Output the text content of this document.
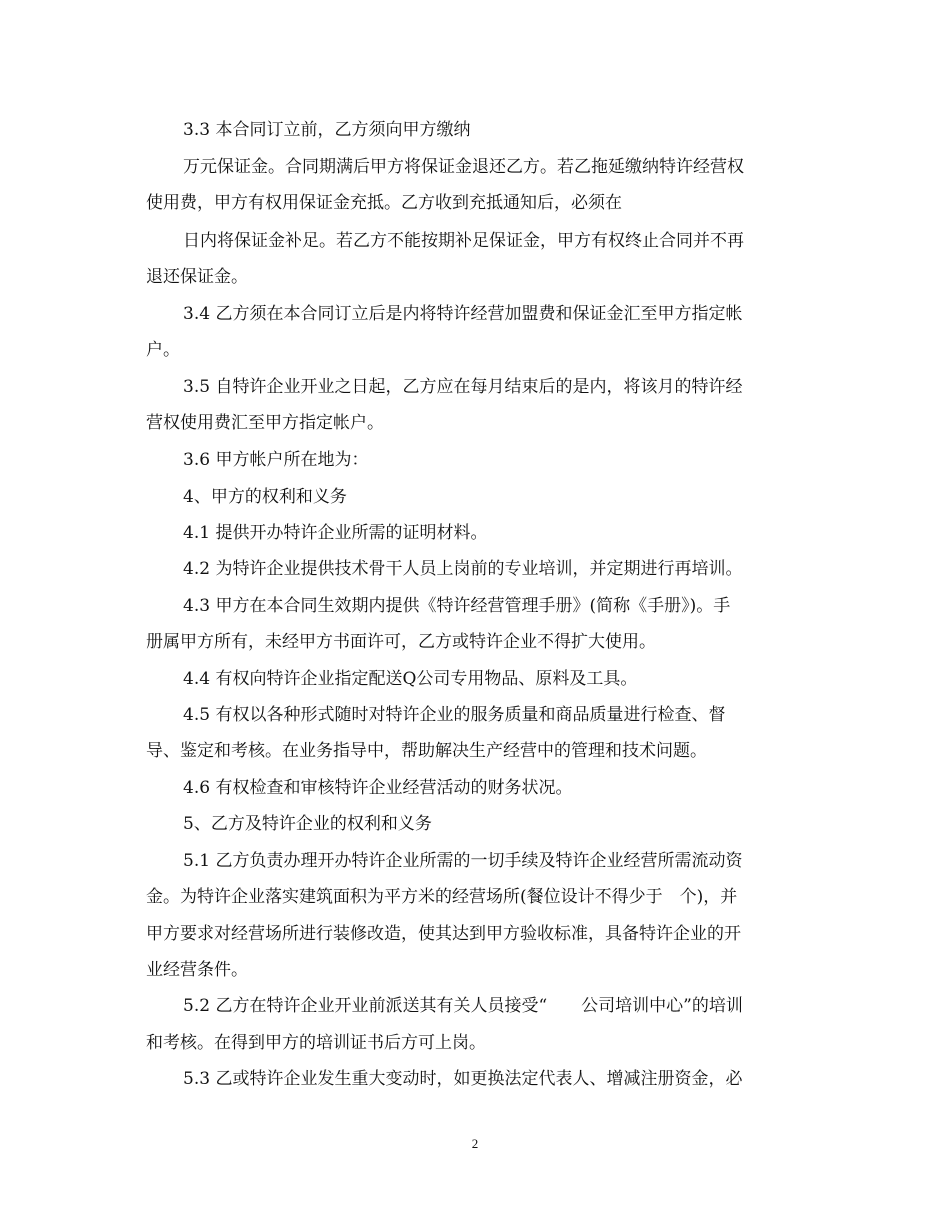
3.3 本合同订立前，乙方须向甲方缴纳
万元保证金。合同期满后甲方将保证金退还乙方。若乙拖延缴纳特许经营权
使用费，甲方有权用保证金充抵。乙方收到充抵通知后，必须在
日内将保证金补足。若乙方不能按期补足保证金，甲方有权终止合同并不再
退还保证金。
3.4 乙方须在本合同订立后是内将特许经营加盟费和保证金汇至甲方指定帐
户。
3.5 自特许企业开业之日起，乙方应在每月结束后的是内，将该月的特许经
营权使用费汇至甲方指定帐户。
3.6 甲方帐户所在地为：
4、甲方的权利和义务
4.1 提供开办特许企业所需的证明材料。
4.2 为特许企业提供技术骨干人员上岗前的专业培训，并定期进行再培训。
4.3 甲方在本合同生效期内提供《特许经营管理手册》(简称《手册》)。手
册属甲方所有，未经甲方书面许可，乙方或特许企业不得扩大使用。
4.4 有权向特许企业指定配送Q公司专用物品、原料及工具。
4.5 有权以各种形式随时对特许企业的服务质量和商品质量进行检查、督
导、鉴定和考核。在业务指导中，帮助解决生产经营中的管理和技术问题。
4.6 有权检查和审核特许企业经营活动的财务状况。
5、乙方及特许企业的权利和义务
5.1 乙方负责办理开办特许企业所需的一切手续及特许企业经营所需流动资
金。为特许企业落实建筑面积为平方米的经营场所(餐位设计不得少于　个)，并
甲方要求对经营场所进行装修改造，使其达到甲方验收标准，具备特许企业的开
业经营条件。
5.2 乙方在特许企业开业前派送其有关人员接受“　　公司培训中心”的培训
和考核。在得到甲方的培训证书后方可上岗。
5.3 乙或特许企业发生重大变动时，如更换法定代表人、增减注册资金，必
2
